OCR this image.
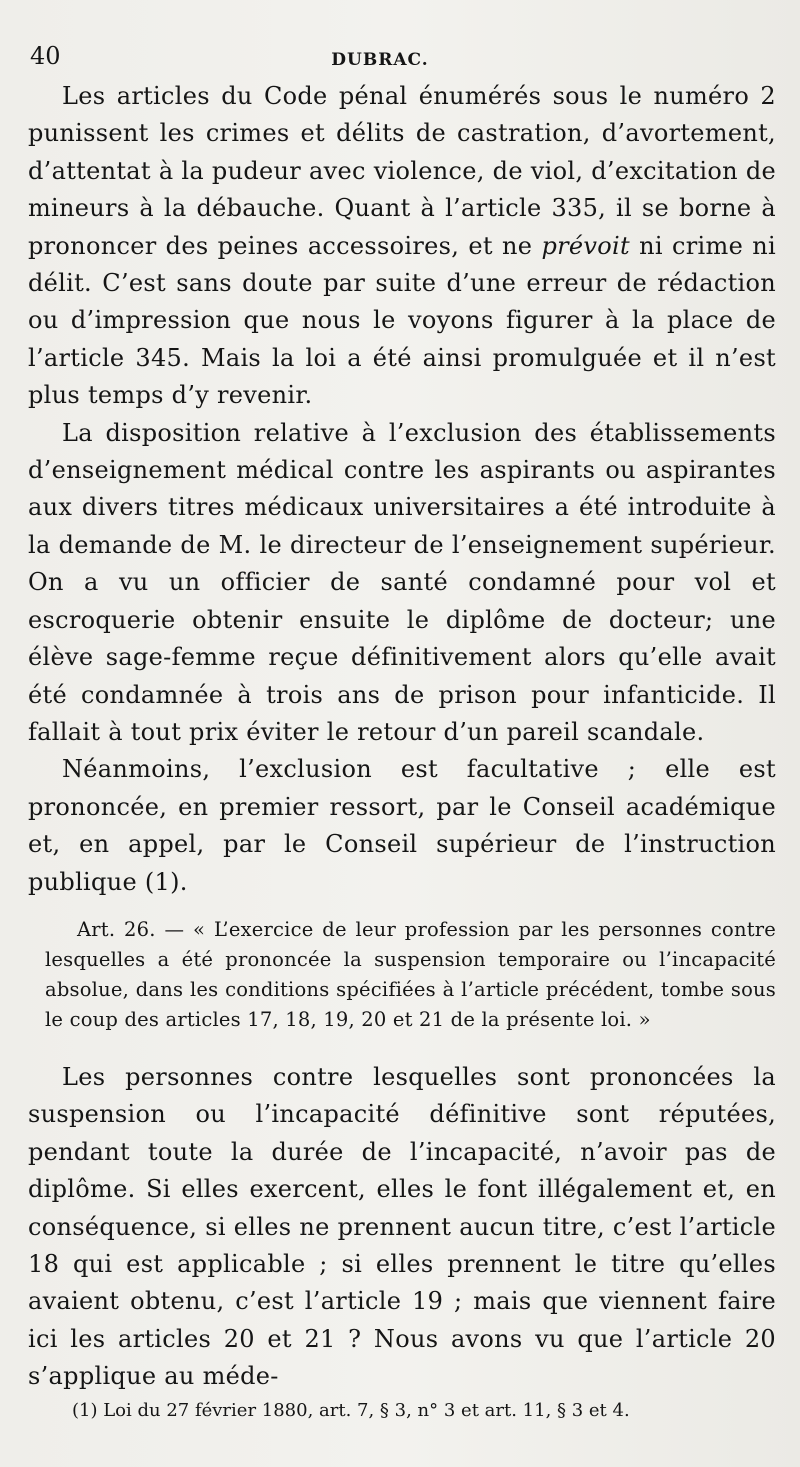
40	DUBRAC.

Les articles du Code pénal énumérés sous le numéro 2 punissent les crimes et délits de castration, d’avortement, d’attentat à la pudeur avec violence, de viol, d’excitation de mineurs à la débauche. Quant à l’article 335, il se borne à prononcer des peines accessoires, et ne prévoit ni crime ni délit. C’est sans doute par suite d’une erreur de rédaction ou d’impression que nous le voyons figurer à la place de l’article 345. Mais la loi a été ainsi promulguée et il n’est plus temps d’y revenir.

La disposition relative à l’exclusion des établissements d’enseignement médical contre les aspirants ou aspirantes aux divers titres médicaux universitaires a été introduite à la demande de M. le directeur de l’enseignement supérieur. On a vu un officier de santé condamné pour vol et escroquerie obtenir ensuite le diplôme de docteur; une élève sage-femme reçue définitivement alors qu’elle avait été condamnée à trois ans de prison pour infanticide. Il fallait à tout prix éviter le retour d’un pareil scandale.

Néanmoins, l’exclusion est facultative ; elle est prononcée, en premier ressort, par le Conseil académique et, en appel, par le Conseil supérieur de l’instruction publique (1).

Art. 26. — « L’exercice de leur profession par les personnes contre lesquelles a été prononcée la suspension temporaire ou l’incapacité absolue, dans les conditions spécifiées à l’article précédent, tombe sous le coup des articles 17, 18, 19, 20 et 21 de la présente loi. »

Les personnes contre lesquelles sont prononcées la suspension ou l’incapacité définitive sont réputées, pendant toute la durée de l’incapacité, n’avoir pas de diplôme. Si elles exercent, elles le font illégalement et, en conséquence, si elles ne prennent aucun titre, c’est l’article 18 qui est applicable ; si elles prennent le titre qu’elles avaient obtenu, c’est l’article 19 ; mais que viennent faire ici les articles 20 et 21 ? Nous avons vu que l’article 20 s’applique au méde-

(1) Loi du 27 février 1880, art. 7, § 3, n° 3 et art. 11, § 3 et 4.
